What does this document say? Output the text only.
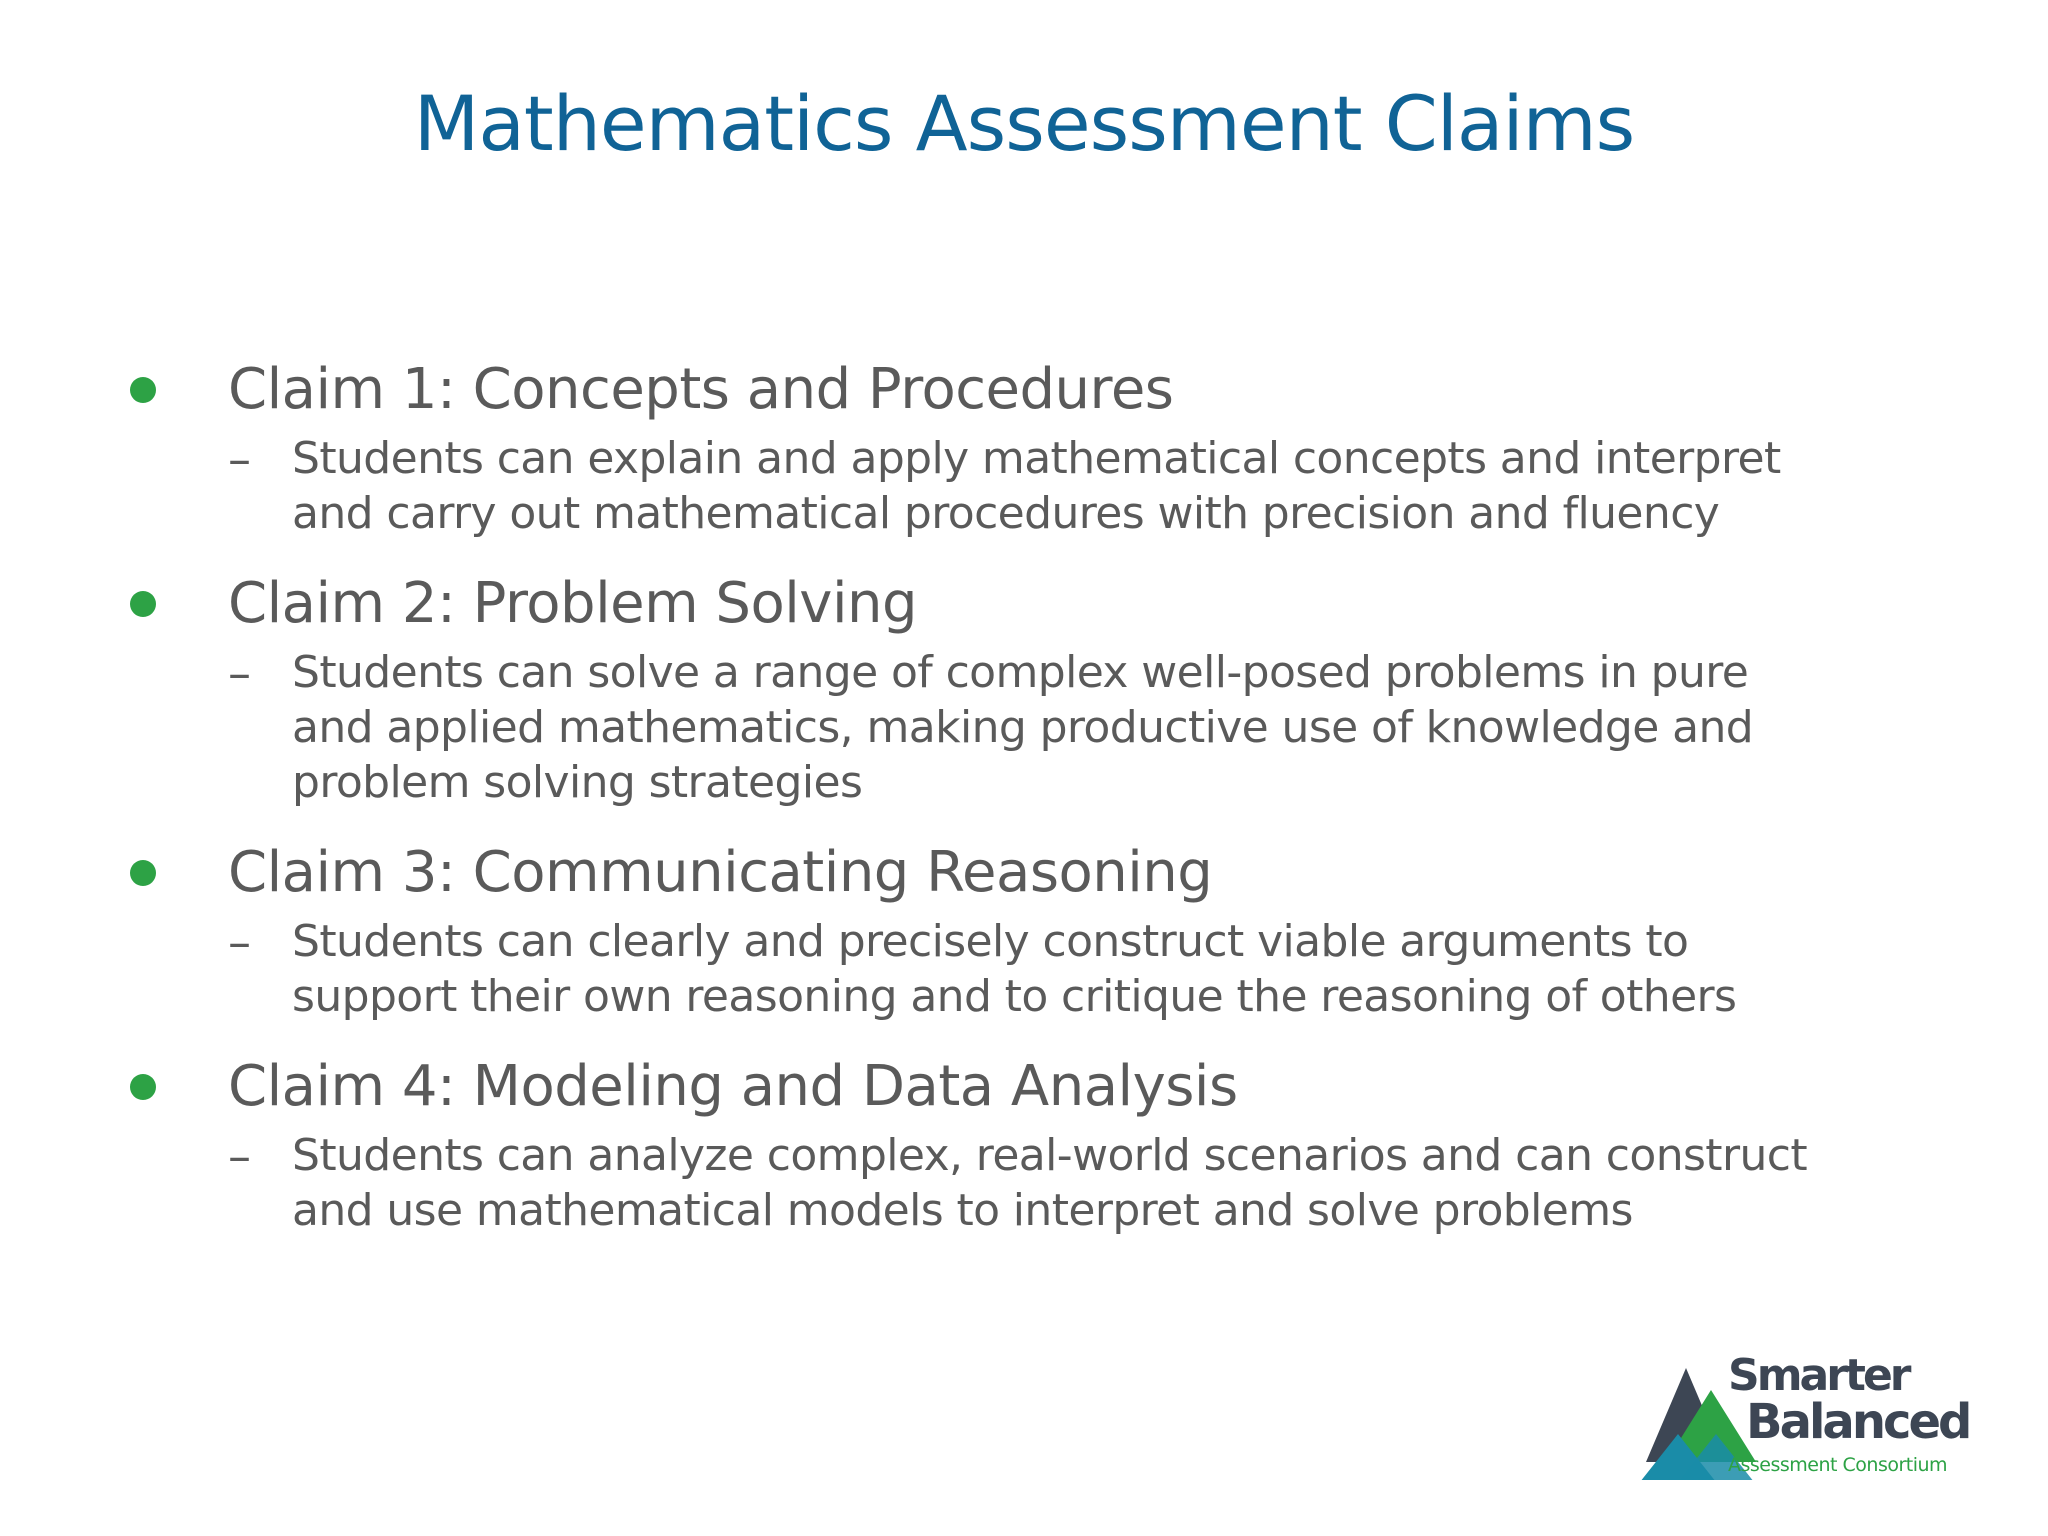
Mathematics Assessment Claims
Claim 1: Concepts and Procedures
– Students can explain and apply mathematical concepts and interpret
and carry out mathematical procedures with precision and fluency
Claim 2: Problem Solving
– Students can solve a range of complex well-posed problems in pure
and applied mathematics, making productive use of knowledge and
problem solving strategies
Claim 3: Communicating Reasoning
– Students can clearly and precisely construct viable arguments to
support their own reasoning and to critique the reasoning of others
Claim 4: Modeling and Data Analysis
– Students can analyze complex, real-world scenarios and can construct
and use mathematical models to interpret and solve problems
Smarter
Balanced
Assessment Consortium
